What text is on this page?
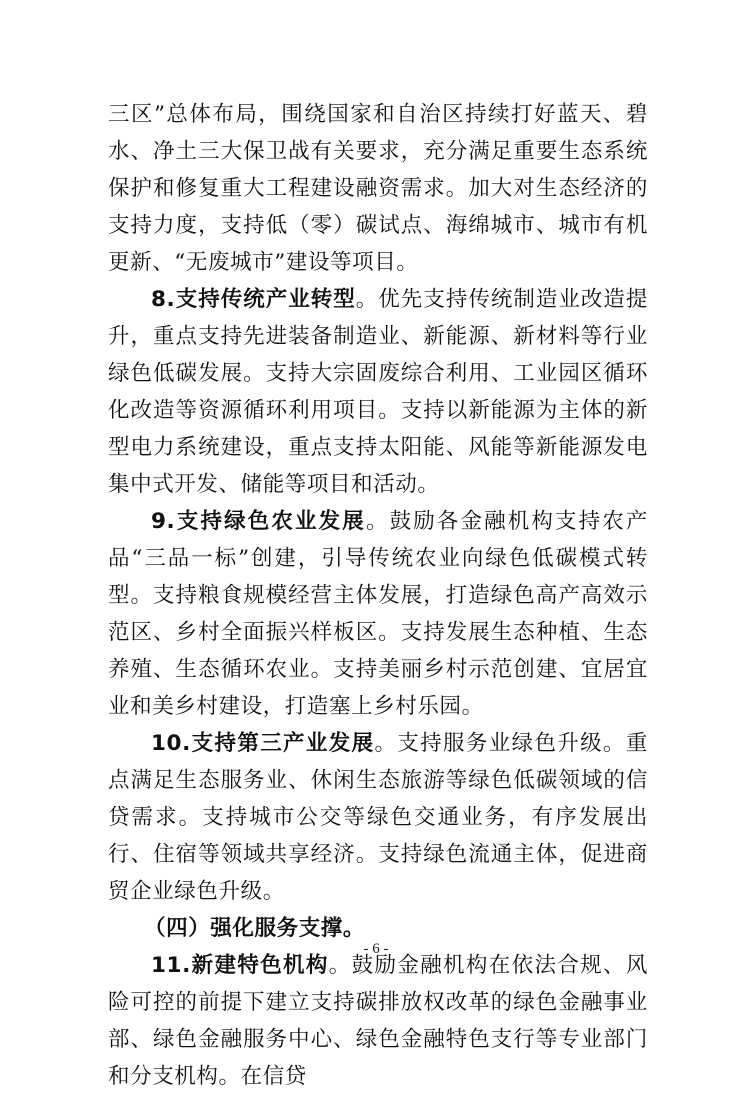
三区”总体布局，围绕国家和自治区持续打好蓝天、碧水、净土三大保卫战有关要求，充分满足重要生态系统保护和修复重大工程建设融资需求。加大对生态经济的支持力度，支持低（零）碳试点、海绵城市、城市有机更新、“无废城市”建设等项目。

8.支持传统产业转型。优先支持传统制造业改造提升，重点支持先进装备制造业、新能源、新材料等行业绿色低碳发展。支持大宗固废综合利用、工业园区循环化改造等资源循环利用项目。支持以新能源为主体的新型电力系统建设，重点支持太阳能、风能等新能源发电集中式开发、储能等项目和活动。

9.支持绿色农业发展。鼓励各金融机构支持农产品“三品一标”创建，引导传统农业向绿色低碳模式转型。支持粮食规模经营主体发展，打造绿色高产高效示范区、乡村全面振兴样板区。支持发展生态种植、生态养殖、生态循环农业。支持美丽乡村示范创建、宜居宜业和美乡村建设，打造塞上乡村乐园。

10.支持第三产业发展。支持服务业绿色升级。重点满足生态服务业、休闲生态旅游等绿色低碳领域的信贷需求。支持城市公交等绿色交通业务，有序发展出行、住宿等领域共享经济。支持绿色流通主体，促进商贸企业绿色升级。

（四）强化服务支撑。

11.新建特色机构。鼓励金融机构在依法合规、风险可控的前提下建立支持碳排放权改革的绿色金融事业部、绿色金融服务中心、绿色金融特色支行等专业部门和分支机构。在信贷

- 6 -
